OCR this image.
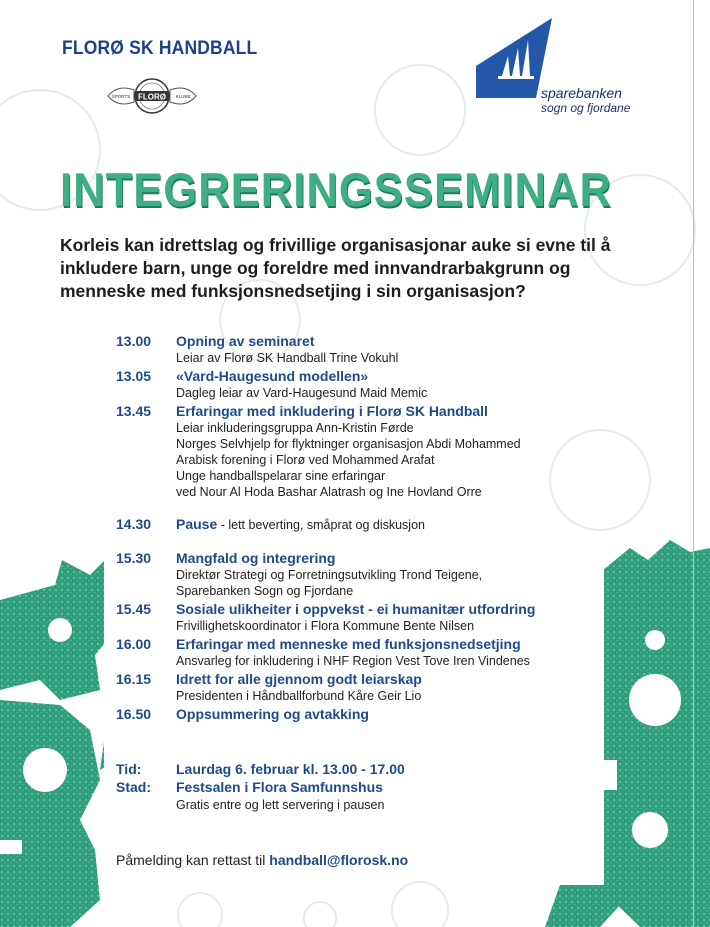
FLORØ SK HANDBALL
FLORØ
SPORTS	KLUBB	sparebanken
sogn og fjordane
INTEGRERINGSSEMINAR
Korleis kan idrettslag og frivillige organisasjonar auke si evne til å inkludere barn, unge og foreldre med innvandrarbakgrunn og menneske med funksjonsnedsetjing i sin organisasjon?
13.00	Opning av seminaret
Leiar av Florø SK Handball Trine Vokuhl
13.05	«Vard-Haugesund modellen»
Dagleg leiar av Vard-Haugesund Maid Memic
13.45	Erfaringar med inkludering i Florø SK Handball
Leiar inkluderingsgruppa Ann-Kristin Førde
Norges Selvhjelp for flyktninger organisasjon Abdi Mohammed
Arabisk forening i Florø ved Mohammed Arafat
Unge handballspelarar sine erfaringar
ved Nour Al Hoda Bashar Alatrash og Ine Hovland Orre
14.30	Pause - lett beverting, småprat og diskusjon
15.30	Mangfald og integrering
Direktør Strategi og Forretningsutvikling Trond Teigene,
Sparebanken Sogn og Fjordane
15.45	Sosiale ulikheiter i oppvekst - ei humanitær utfordring
Frivillighetskoordinator i Flora Kommune Bente Nilsen
16.00	Erfaringar med menneske med funksjonsnedsetjing
Ansvarleg for inkludering i NHF Region Vest Tove Iren Vindenes
16.15	Idrett for alle gjennom godt leiarskap
Presidenten i Håndballforbund Kåre Geir Lio
16.50	Oppsummering og avtakking
Tid:	Laurdag 6. februar kl. 13.00 - 17.00
Stad:	Festsalen i Flora Samfunnshus
Gratis entre og lett servering i pausen
Påmelding kan rettast til handball@florosk.no
